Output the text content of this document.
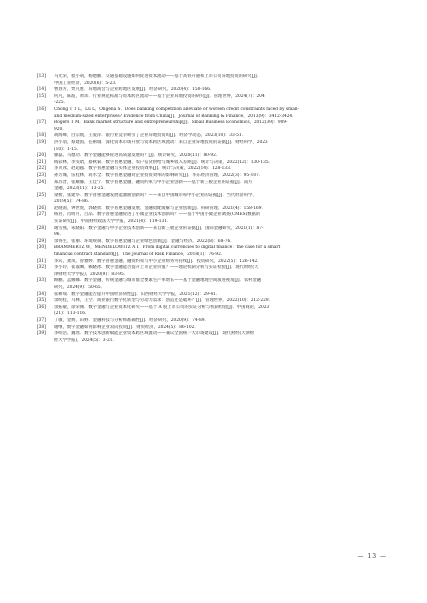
[13]	马光荣，程小萌，杨德勤．交通基础设施如何促进资本流动——基于高铁开通和上市公司异地投资的研究[J]．
中国工业经济，2020(6)：5-23．
[14]	曹春方，贾凡胜．异地商会与企业跨地区发展[J]．经济研究，2020(4)：150-166．
[15]	何凡，陈波，黄玮．行业规范标准与资本跨区流动——基于企业异地投资的研究[J]．管理世界，2024(7)：204
-225．
[16]	Chong T T L，Lu L，Ongena S．Does banking competition alleviate or worsen credit constraints faced by small-
and medium-sized enterprises? Evidence from China[J]．Journal of Banking & Finance，2013(9)：3412-3424．
[17]	Rogers T M．Bank market structure and entrepreneurship[J]．Small Business Economics，2012(39)：909-
920．
[18]	胡海峰，白宗航，王爱萍．银行业竞争吸引了企业异地投资吗[J]．经济学动态，2023(10)：33-51．
[19]	洪小羽，蔡建国，任舸瑜．深化资本市场开放与资本跨区域流动：来自企业异地投资的证据[J]．财经科学，2023
(10)：1-15．
[20]	滕磊，马德功．数字金融能够促进高质量发展吗？[J]．统计研究，2020(11)：80-92．
[21]	杨彩林，李雯珺，蔡秋菊．数字普惠金融、农户信贷供给与城乡收入差距[J]．统计与决策，2022(12)：130-135．
[22]	李贝冰，赵超越．数字普惠金融与实体企业投资效率[J]．统计与决策，2022(14)：128-133．
[23]	孙芳城，伍桂林，蒋水全．数字普惠金融对企业投资效率的影响研究[J]．华东经济管理，2022(3)：95-107．
[24]	郑苏晋，张耀馨，王佳宁．数字普惠金融、融资约束与中小企业创新——基于新三板企业的证据[J]．南方
金融，2023(11)：13-25．
[25]	梁榜，张建华．数字普惠金融发展能激励创新吗？——来自中国城市和中小企业的证据[J]．当代经济科学，
2019(5)：74-86．
[26]	赵晓鸽，钟世虎，郭晓欣．数字普惠金融发展、金融错配缓解与企业创新[J]．科研管理，2021(4)：158-169．
[27]	杨君，肖明月，吕品．数字普惠金融促进了小微企业技术创新吗？——基于中国小微企业调查(CMES)数据的
实证研究[J]．中南财经政法大学学报，2021(4)：119-131．
[28]	谢雪燕，朱晓阳．数字金融与中小企业技术创新——来自新三板企业的证据[J]．国际金融研究，2021(1)：87-
96．
[29]	余得生，张丽．环境规制、数字普惠金融与企业绿色创新[J]．金融与经济，2022(8)：68-76．
[30]	BRAMMERTZ W，MENDELOWITZ A I．From digital currencies to digital finance：the case for a smart
financial contract standard[J]．The Journal of Risk Finance，2018(1)：76-92．
[31]	李宾，龚岚，曾雅婷．数字普惠金融、融资约束与中小企业财务可持续[J]．投资研究，2022(5)：126-142．
[32]	李小玲，崔淑琳，赖晓冰．数字金融能否提升上市企业价值？——理论机制分析与实证检验[J]．现代财经(天
津财经大学学报)，2020(9)：83-95．
[33]	顾鹏，孟娜娜．数字金融、传统金融与城市群全要素生产率增长——基于金融地理空间演进视角[J]．农村金融
研究，2024(9)：50-65．
[34]	崔耕瑞．数字金融能否提升中国经济韧性[J]．山西财经大学学报，2021(12)：29-41．
[35]	余明桂，马林，王空．商业银行数字化转型与劳动力需求：创造还是破坏？[J]．管理世界，2022(10)：212-229．
[36]	余拓敏，徐荣阁．数字金融与企业资本化研究——基于 A 股上市公司的实证分析与机制检验[J]．中国商论，2023
(21)：113-116．
[37]	丁敏，金炳，田野．金融科技与分析师准确性[J]．经济研究，2020(9)：74-89．
[38]	谢继，数字金融如何影响企业双向投资[J]．财贸经济，2024(5)：86-102．
[39]	李明浩，魏瑶．数字技术创新赋能企业资本跨区域流动——兼议全国统一大市场建设[J]．现代财经(天津财
经大学学报)，2024(5)：3-21．
— 13 —
